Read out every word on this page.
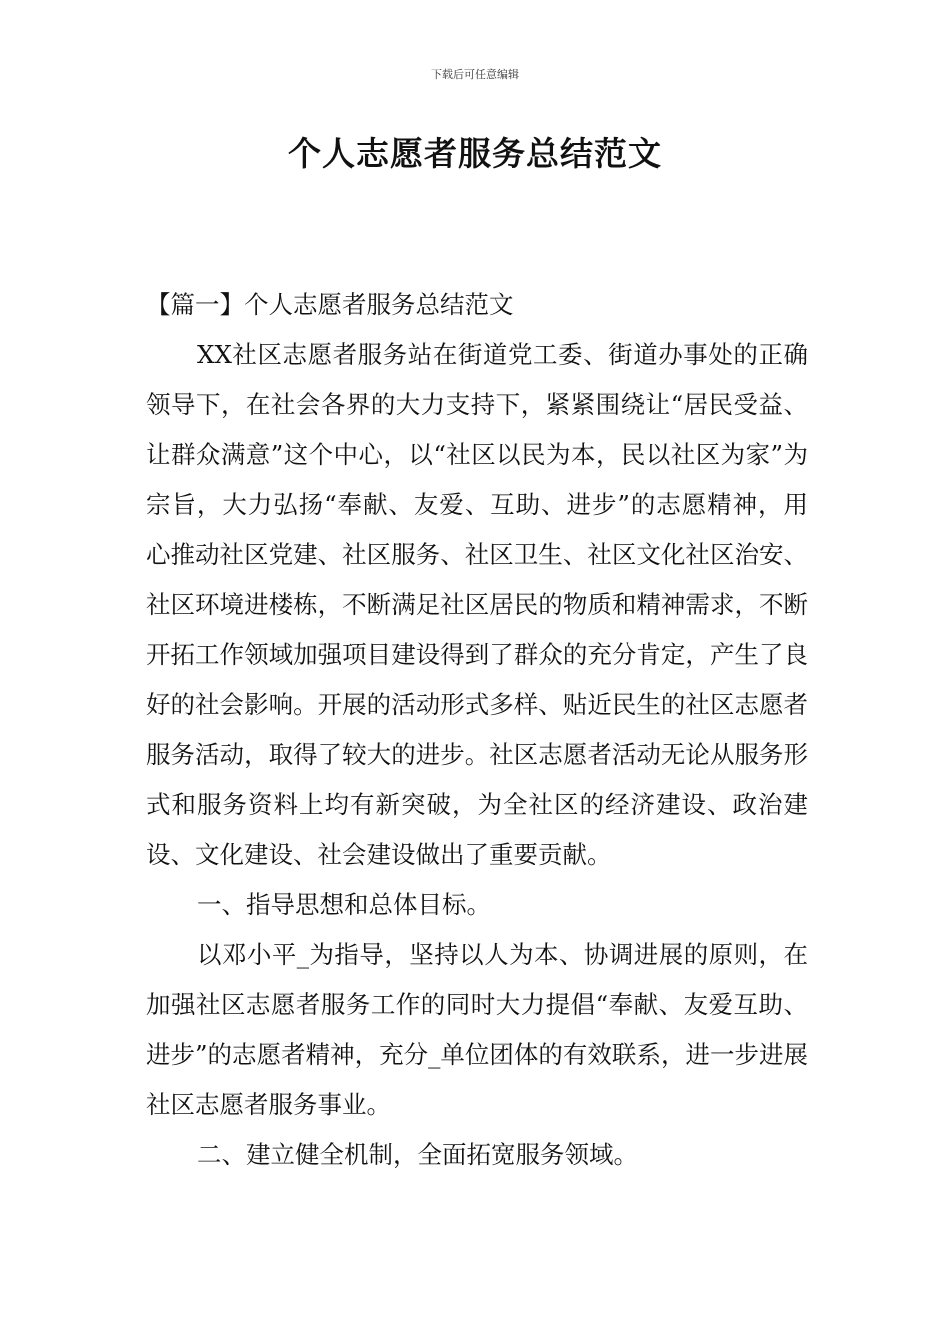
下载后可任意编辑
个人志愿者服务总结范文

【篇一】个人志愿者服务总结范文

XX社区志愿者服务站在街道党工委、街道办事处的正确领导下，在社会各界的大力支持下，紧紧围绕让“居民受益、让群众满意”这个中心，以“社区以民为本，民以社区为家”为宗旨，大力弘扬“奉献、友爱、互助、进步”的志愿精神，用心推动社区党建、社区服务、社区卫生、社区文化社区治安、社区环境进楼栋，不断满足社区居民的物质和精神需求，不断开拓工作领域加强项目建设得到了群众的充分肯定，产生了良好的社会影响。开展的活动形式多样、贴近民生的社区志愿者服务活动，取得了较大的进步。社区志愿者活动无论从服务形式和服务资料上均有新突破，为全社区的经济建设、政治建设、文化建设、社会建设做出了重要贡献。

一、指导思想和总体目标。

以邓小平_为指导，坚持以人为本、协调进展的原则，在加强社区志愿者服务工作的同时大力提倡“奉献、友爱互助、进步”的志愿者精神，充分_单位团体的有效联系，进一步进展社区志愿者服务事业。

二、建立健全机制，全面拓宽服务领域。
